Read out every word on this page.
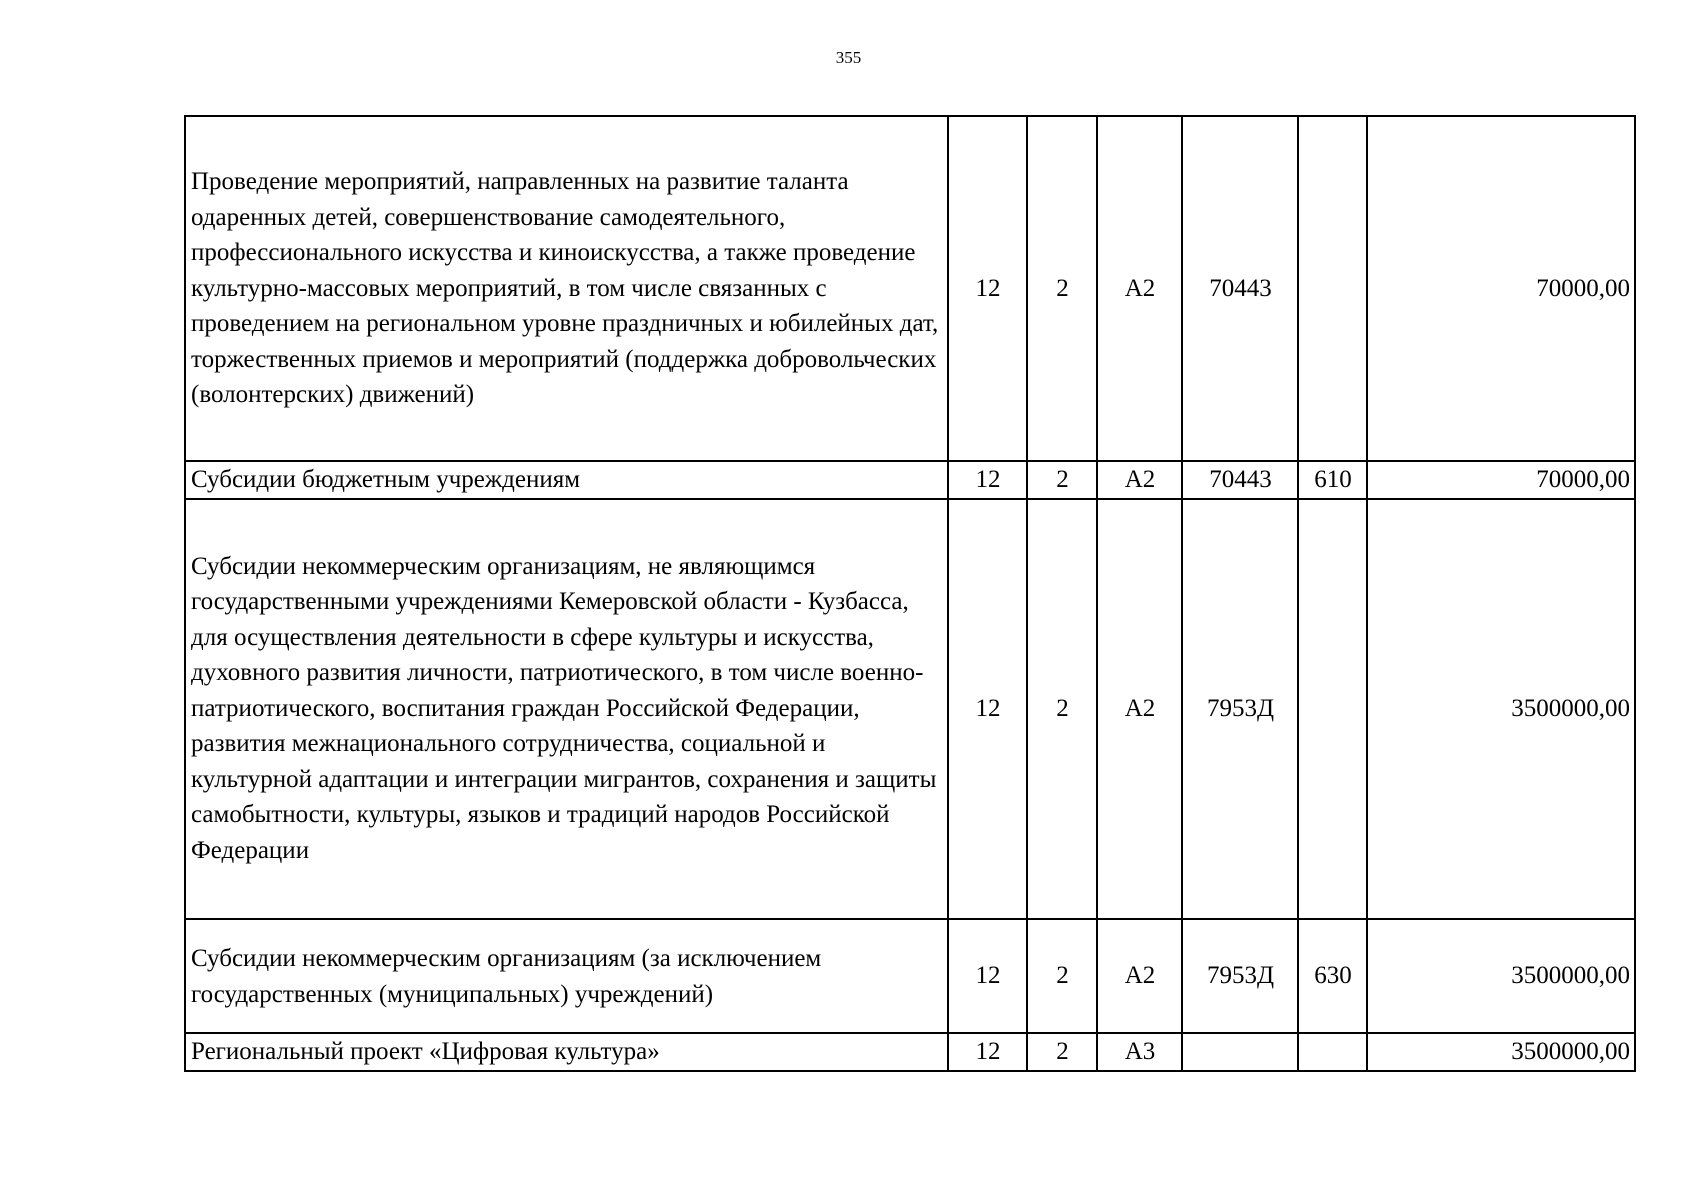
355
Проведение мероприятий, направленных на развитие таланта одаренных детей, совершенствование самодеятельного, профессионального искусства и киноискусства, а также проведение культурно-массовых мероприятий, в том числе связанных с проведением на региональном уровне праздничных и юбилейных дат, торжественных приемов и мероприятий (поддержка добровольческих (волонтерских) движений)	12	2	А2	70443		70000,00
Субсидии бюджетным учреждениям	12	2	А2	70443	610	70000,00
Субсидии некоммерческим организациям, не являющимся государственными учреждениями Кемеровской области - Кузбасса, для осуществления деятельности в сфере культуры и искусства, духовного развития личности, патриотического, в том числе военно-патриотического, воспитания граждан Российской Федерации, развития межнационального сотрудничества, социальной и культурной адаптации и интеграции мигрантов, сохранения и защиты самобытности, культуры, языков и традиций народов Российской Федерации	12	2	А2	7953Д		3500000,00
Субсидии некоммерческим организациям (за исключением государственных (муниципальных) учреждений)	12	2	А2	7953Д	630	3500000,00
Региональный проект «Цифровая культура»	12	2	А3			3500000,00
